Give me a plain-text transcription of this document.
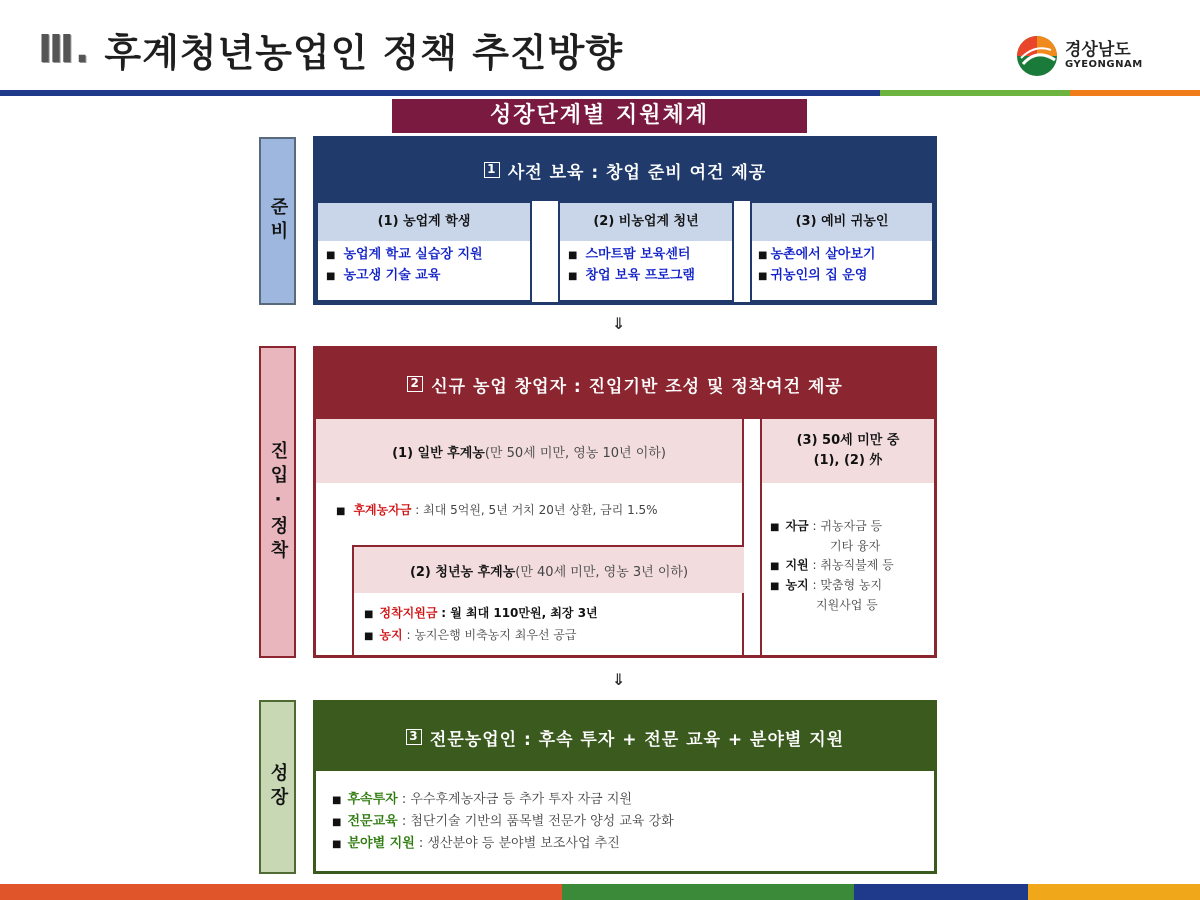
Ⅲ. 후계청년농업인 정책 추진방향	경상남도
GYEONGNAM
성장단계별 지원체계
준비
진입·정착
성장
1 사전 보육 : 창업 준비 여건 제공
(1) 농업계 학생
■ 농업계 학교 실습장 지원
■ 농고생 기술 교육
(2) 비농업계 청년
■ 스마트팜 보육센터
■ 창업 보육 프로그램
(3) 예비 귀농인
■ 농촌에서 살아보기
■ 귀농인의 집 운영
⇓
2 신규 농업 창업자 : 진입기반 조성 및 정착여건 제공
(1) 일반 후계농 (만 50세 미만, 영농 10년 이하)
■ 후계농자금 : 최대 5억원, 5년 거치 20년 상환, 금리 1.5%
(2) 청년농 후계농 (만 40세 미만, 영농 3년 이하)
■ 정착지원금 : 월 최대 110만원, 최장 3년
■ 농지 : 농지은행 비축농지 최우선 공급
(3) 50세 미만 중
(1), (2) 外
■ 자금 : 귀농자금 등
기타 융자
■ 지원 : 취농직불제 등
■ 농지 : 맞춤형 농지
지원사업 등
⇓
3 전문농업인 : 후속 투자 + 전문 교육 + 분야별 지원
■ 후속투자 : 우수후계농자금 등 추가 투자 자금 지원
■ 전문교육 : 첨단기술 기반의 품목별 전문가 양성 교육 강화
■ 분야별 지원 : 생산분야 등 분야별 보조사업 추진
